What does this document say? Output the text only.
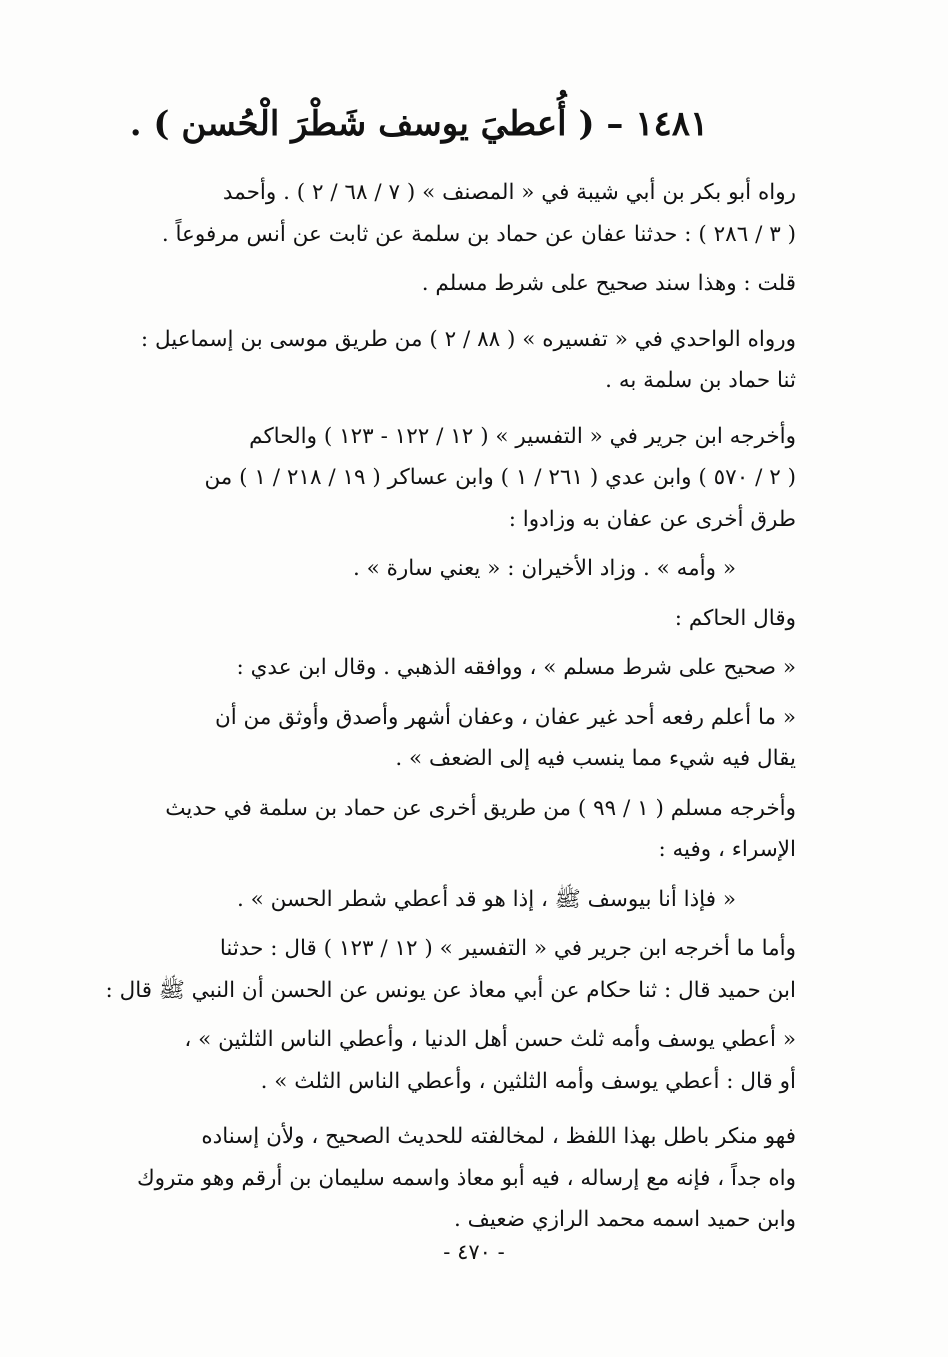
١٤٨١ – ( أُعطيَ يوسف شَطْرَ الْحُسن ) .
رواه أبو بكر بن أبي شيبة في « المصنف » ( ٧ / ٦٨ / ٢ ) . وأحمد
( ٣ / ٢٨٦ ) : حدثنا عفان عن حماد بن سلمة عن ثابت عن أنس مرفوعاً .
قلت : وهذا سند صحيح على شرط مسلم .
ورواه الواحدي في « تفسيره » ( ٨٨ / ٢ ) من طريق موسى بن إسماعيل :
ثنا حماد بن سلمة به .
وأخرجه ابن جرير في « التفسير » ( ١٢ / ١٢٢ - ١٢٣ ) والحاكم
( ٢ / ٥٧٠ ) وابن عدي ( ٢٦١ / ١ ) وابن عساكر ( ١٩ / ٢١٨ / ١ ) من
طرق أخرى عن عفان به وزادوا :
« وأمه » . وزاد الأخيران : « يعني سارة » .
وقال الحاكم :
« صحيح على شرط مسلم » ، ووافقه الذهبي . وقال ابن عدي :
« ما أعلم رفعه أحد غير عفان ، وعفان أشهر وأصدق وأوثق من أن
يقال فيه شيء مما ينسب فيه إلى الضعف » .
وأخرجه مسلم ( ١ / ٩٩ ) من طريق أخرى عن حماد بن سلمة في حديث
الإسراء ، وفيه :
« فإذا أنا بيوسف ﷺ ، إذا هو قد أعطي شطر الحسن » .
وأما ما أخرجه ابن جرير في « التفسير » ( ١٢ / ١٢٣ ) قال : حدثنا
ابن حميد قال : ثنا حكام عن أبي معاذ عن يونس عن الحسن أن النبي ﷺ قال :
« أعطي يوسف وأمه ثلث حسن أهل الدنيا ، وأعطي الناس الثلثين » ،
أو قال : أعطي يوسف وأمه الثلثين ، وأعطي الناس الثلث » .
فهو منكر باطل بهذا اللفظ ، لمخالفته للحديث الصحيح ، ولأن إسناده
واه جداً ، فإنه مع إرساله ، فيه أبو معاذ واسمه سليمان بن أرقم وهو متروك
وابن حميد اسمه محمد الرازي ضعيف .
- ٤٧٠ -
